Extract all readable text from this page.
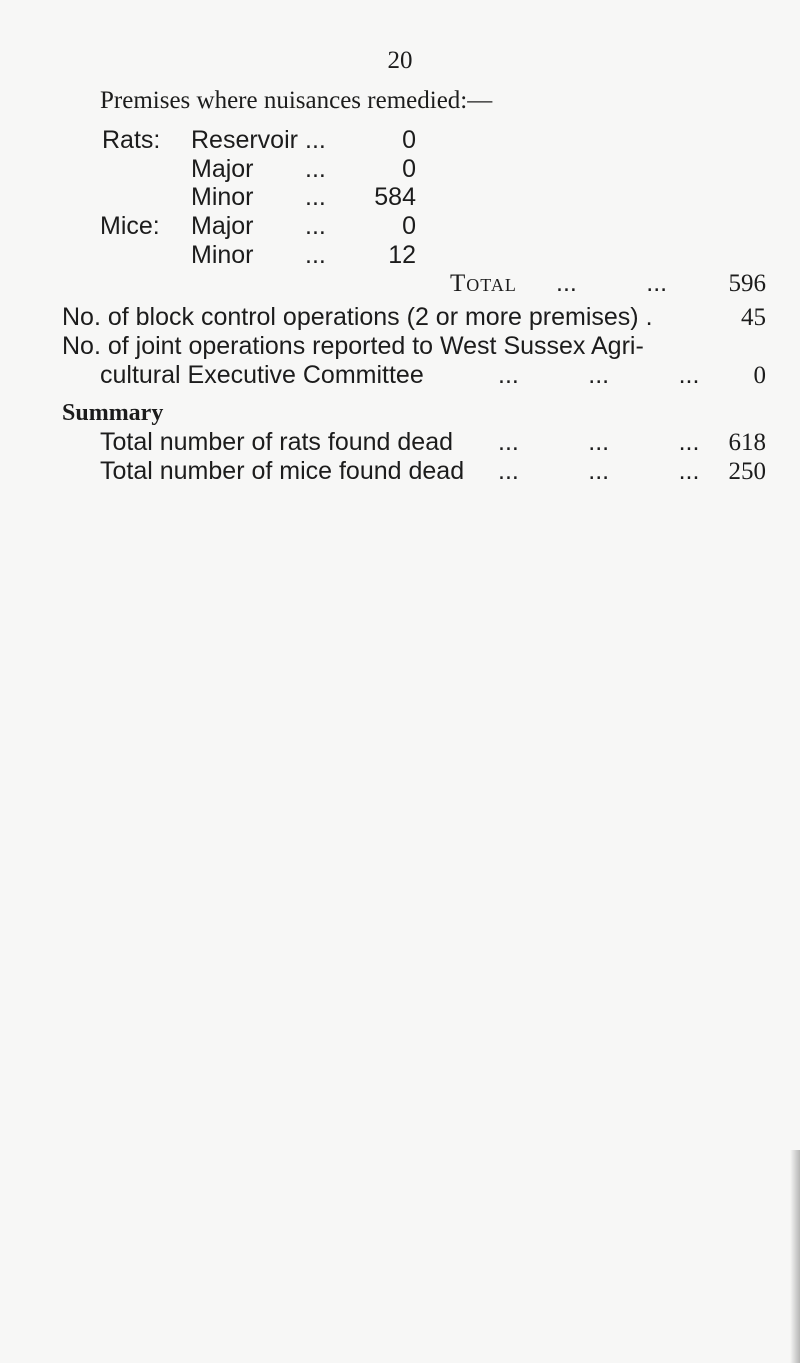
20
Premises where nuisances remedied:—
Rats: Reservoir ...	0
Major ...	0
Minor ...	584
Mice: Major ...	0
Minor ...	12
Total ...          ...	596
No. of block control operations (2 or more premises) .	45
No. of joint operations reported to West Sussex Agri-
cultural Executive Committee	...          ...          ...	0
Summary
Total number of rats found dead ...          ...          ...	618
Total number of mice found dead ...          ...          ...	250
